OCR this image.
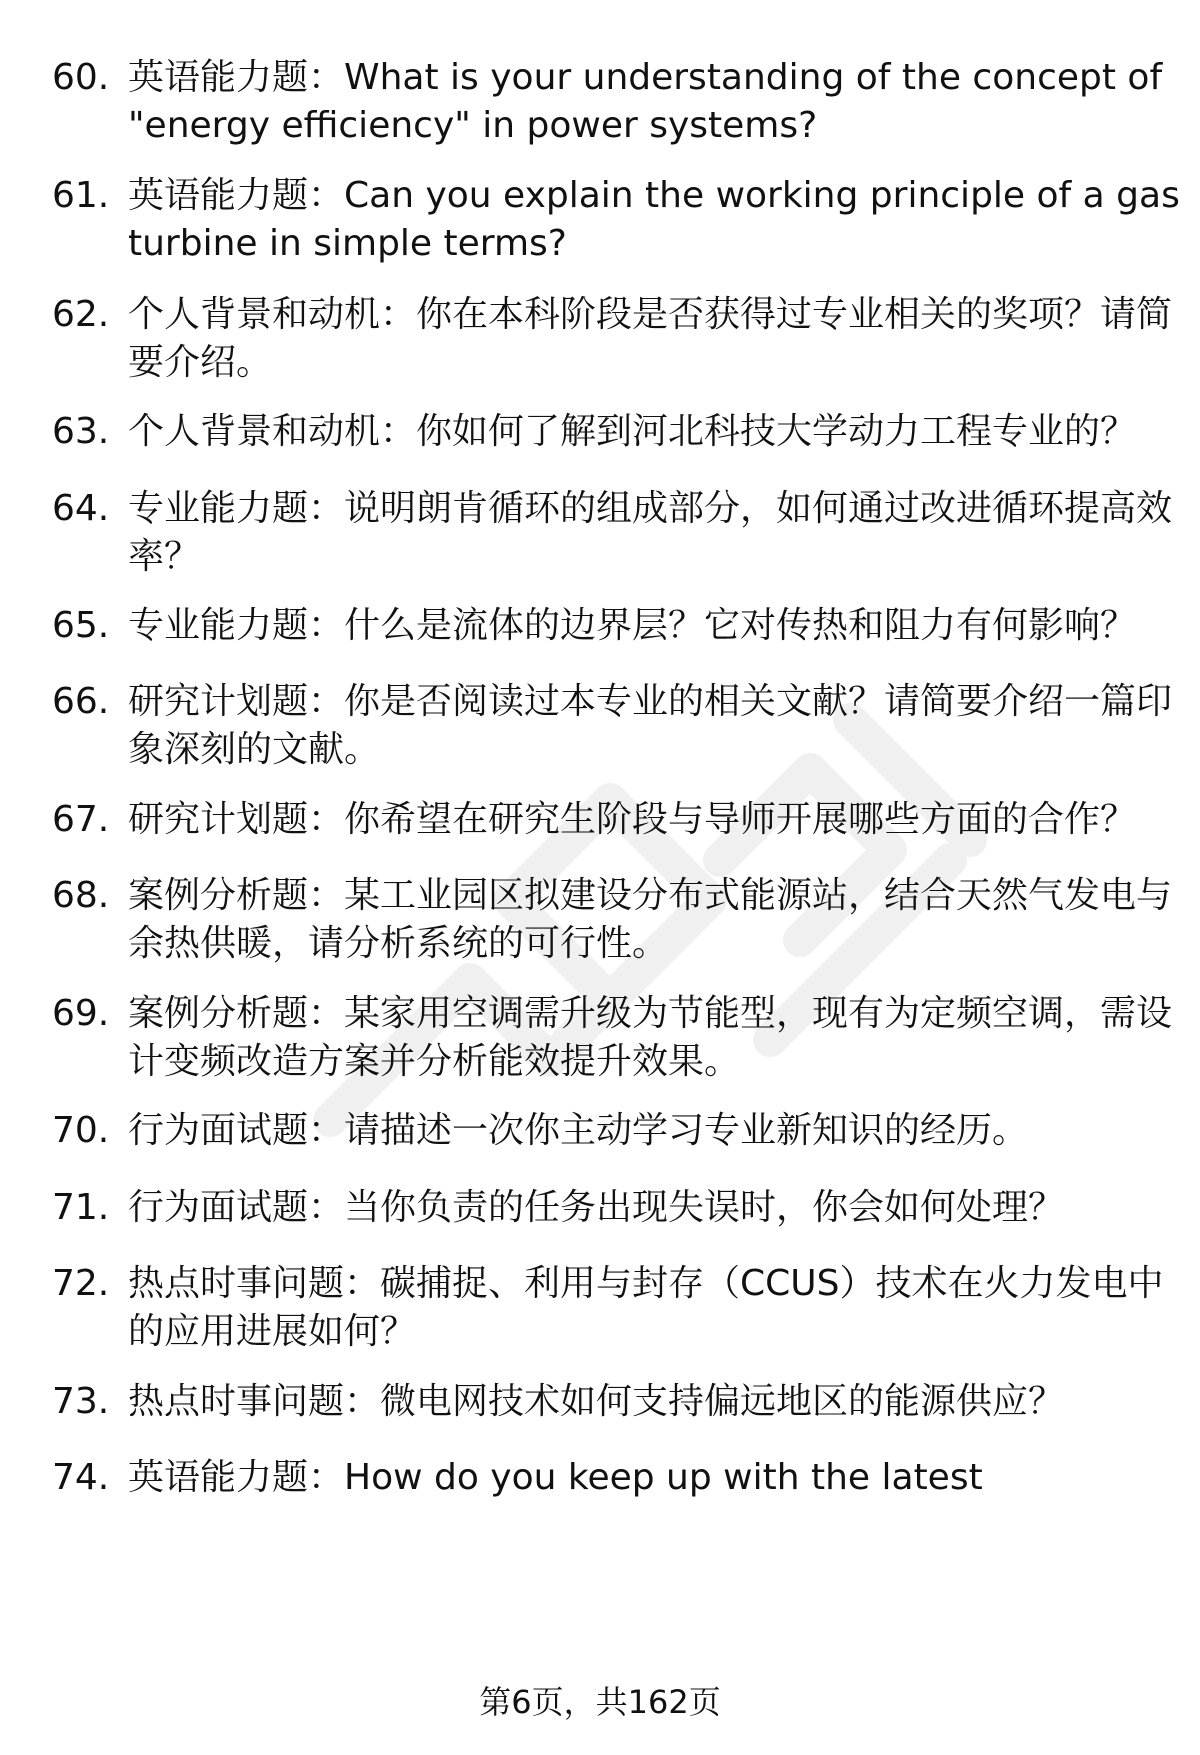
60. 英语能力题：What is your understanding of the concept of "energy efficiency" in power systems?
61. 英语能力题：Can you explain the working principle of a gas turbine in simple terms?
62. 个人背景和动机：你在本科阶段是否获得过专业相关的奖项？请简要介绍。
63. 个人背景和动机：你如何了解到河北科技大学动力工程专业的？
64. 专业能力题：说明朗肯循环的组成部分，如何通过改进循环提高效率？
65. 专业能力题：什么是流体的边界层？它对传热和阻力有何影响？
66. 研究计划题：你是否阅读过本专业的相关文献？请简要介绍一篇印象深刻的文献。
67. 研究计划题：你希望在研究生阶段与导师开展哪些方面的合作？
68. 案例分析题：某工业园区拟建设分布式能源站，结合天然气发电与余热供暖，请分析系统的可行性。
69. 案例分析题：某家用空调需升级为节能型，现有为定频空调，需设计变频改造方案并分析能效提升效果。
70. 行为面试题：请描述一次你主动学习专业新知识的经历。
71. 行为面试题：当你负责的任务出现失误时，你会如何处理？
72. 热点时事问题：碳捕捉、利用与封存（CCUS）技术在火力发电中的应用进展如何？
73. 热点时事问题：微电网技术如何支持偏远地区的能源供应？
74. 英语能力题：How do you keep up with the latest
第6页，共162页
